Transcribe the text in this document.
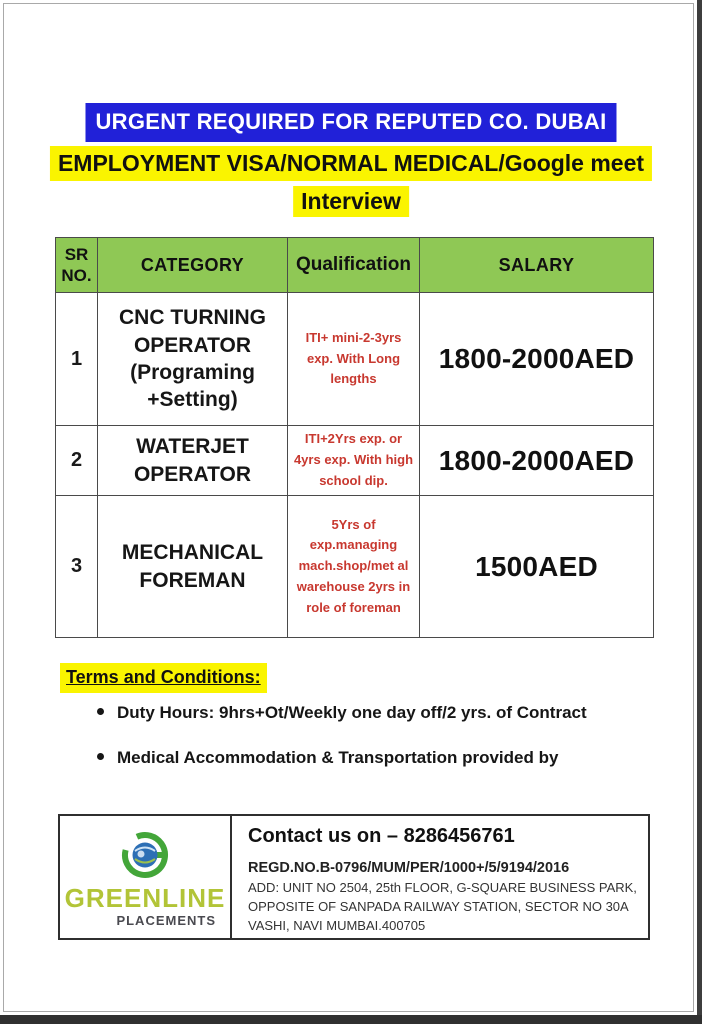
URGENT REQUIRED FOR REPUTED CO. DUBAI
EMPLOYMENT VISA/NORMAL MEDICAL/Google meet
Interview
SR NO.	CATEGORY	Qualification	SALARY
1	CNC TURNING OPERATOR (Programing +Setting)	ITI+ mini-2-3yrs exp. With Long lengths	1800-2000AED
2	WATERJET OPERATOR	ITI+2Yrs exp. or 4yrs exp. With high school dip.	1800-2000AED
3	MECHANICAL FOREMAN	5Yrs of exp.managing mach.shop/met al warehouse 2yrs in role of foreman	1500AED
Terms and Conditions:
Duty Hours: 9hrs+Ot/Weekly one day off/2 yrs. of Contract
Medical Accommodation & Transportation provided by
GREENLINE
PLACEMENTS

Contact us on – 8286456761

REGD.NO.B-0796/MUM/PER/1000+/5/9194/2016

ADD: UNIT NO 2504, 25th FLOOR, G-SQUARE BUSINESS PARK, OPPOSITE OF SANPADA RAILWAY STATION, SECTOR NO 30A VASHI, NAVI MUMBAI.400705
